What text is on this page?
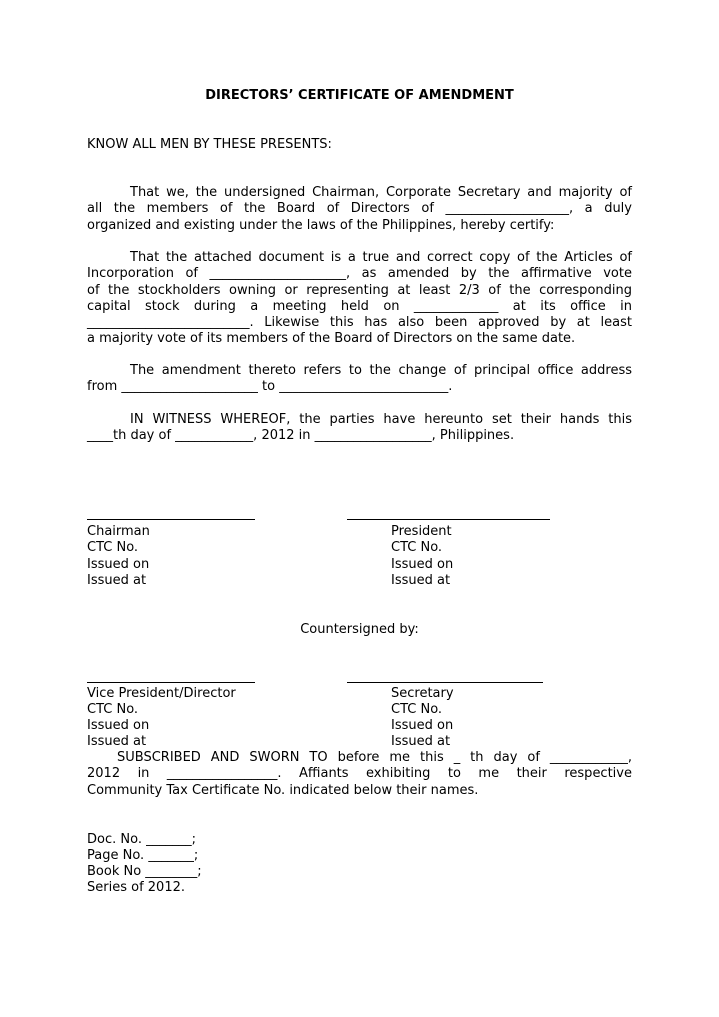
DIRECTORS’ CERTIFICATE OF AMENDMENT

KNOW ALL MEN BY THESE PRESENTS:

That we, the undersigned Chairman, Corporate Secretary and majority of
all the members of the Board of Directors of ___________________, a duly
organized and existing under the laws of the Philippines, hereby certify:
That the attached document is a true and correct copy of the Articles of
Incorporation of _____________________, as amended by the affirmative vote
of the stockholders owning or representing at least 2/3 of the corresponding
capital stock during a meeting held on _____________ at its office in
_________________________. Likewise this has also been approved by at least
a majority vote of its members of the Board of Directors on the same date.
The amendment thereto refers to the change of principal office address
from _____________________ to __________________________.
IN WITNESS WHEREOF, the parties have hereunto set their hands this
____th day of ____________, 2012 in __________________, Philippines.

Chairman

CTC No.

Issued on

Issued at

President

CTC No.

Issued on

Issued at

Countersigned by:

Vice President/Director

CTC No.

Issued on

Issued at

Secretary

CTC No.

Issued on

Issued at

SUBSCRIBED AND SWORN TO before me this _ th day of ____________,
2012 in _________________. Affiants exhibiting to me their respective
Community Tax Certificate No. indicated below their names.

Doc. No. _______;

Page No. _______;

Book No ________;

Series of 2012.
